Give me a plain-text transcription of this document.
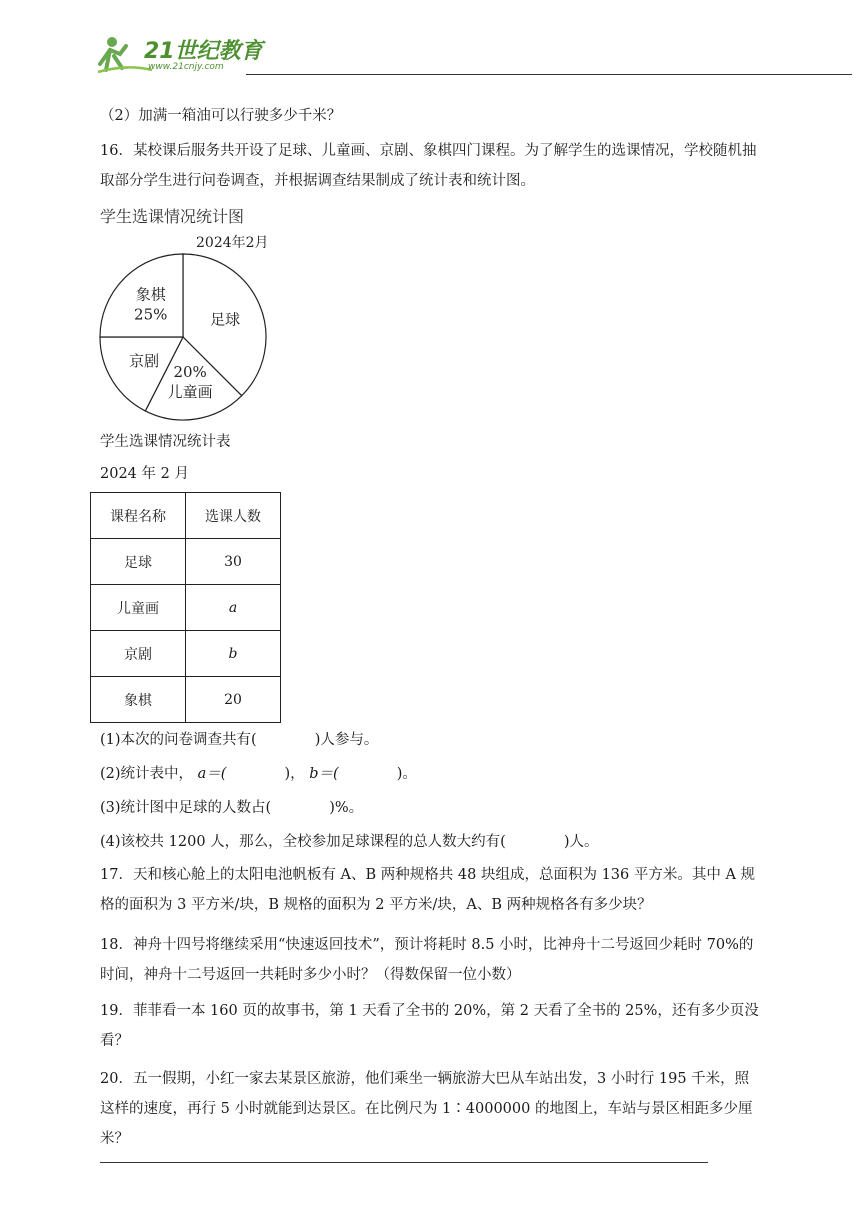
21世纪教育
www.21cnjy.com
（2）加满一箱油可以行驶多少千米？
16．某校课后服务共开设了足球、儿童画、京剧、象棋四门课程。为了解学生的选课情况，学校随机抽取部分学生进行问卷调查，并根据调查结果制成了统计表和统计图。
学生选课情况统计图
2024年2月
足球
20%
儿童画
京剧
象棋
25%
学生选课情况统计表
2024 年 2 月
课程名称	选课人数
足球	30
儿童画	a
京剧	b
象棋	20
(1)本次的问卷调查共有(	)人参与。
(2)统计表中， a＝(	)， b＝(	)。
(3)统计图中足球的人数占(	)%。
(4)该校共 1200 人，那么，全校参加足球课程的总人数大约有(	)人。
17．天和核心舱上的太阳电池帆板有 A、B 两种规格共 48 块组成，总面积为 136 平方米。其中 A 规格的面积为 3 平方米/块，B 规格的面积为 2 平方米/块，A、B 两种规格各有多少块？
18．神舟十四号将继续采用“快速返回技术”，预计将耗时 8.5 小时，比神舟十二号返回少耗时 70%的时间，神舟十二号返回一共耗时多少小时？（得数保留一位小数）
19．菲菲看一本 160 页的故事书，第 1 天看了全书的 20%，第 2 天看了全书的 25%，还有多少页没看？
20．五一假期，小红一家去某景区旅游，他们乘坐一辆旅游大巴从车站出发，3 小时行 195 千米，照这样的速度，再行 5 小时就能到达景区。在比例尺为 1∶4000000 的地图上，车站与景区相距多少厘米？
